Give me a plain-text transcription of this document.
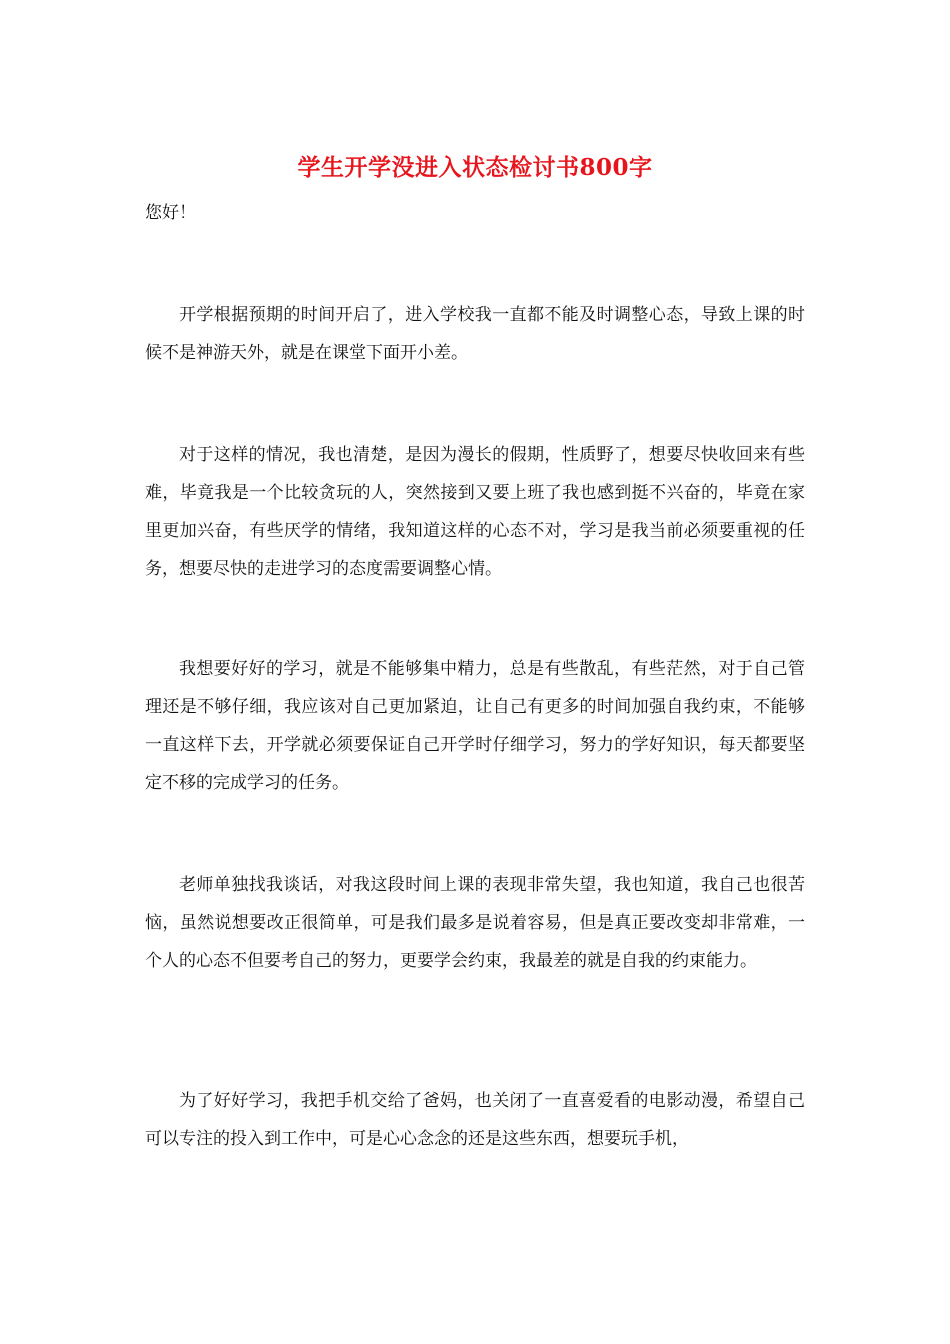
学生开学没进入状态检讨书800字
您好！

开学根据预期的时间开启了，进入学校我一直都不能及时调整心态，导致上课的时候不是神游天外，就是在课堂下面开小差。

对于这样的情况，我也清楚，是因为漫长的假期，性质野了，想要尽快收回来有些难，毕竟我是一个比较贪玩的人，突然接到又要上班了我也感到挺不兴奋的，毕竟在家里更加兴奋，有些厌学的情绪，我知道这样的心态不对，学习是我当前必须要重视的任务，想要尽快的走进学习的态度需要调整心情。

我想要好好的学习，就是不能够集中精力，总是有些散乱，有些茫然，对于自己管理还是不够仔细，我应该对自己更加紧迫，让自己有更多的时间加强自我约束，不能够一直这样下去，开学就必须要保证自己开学时仔细学习，努力的学好知识，每天都要坚定不移的完成学习的任务。

老师单独找我谈话，对我这段时间上课的表现非常失望，我也知道，我自己也很苦恼，虽然说想要改正很简单，可是我们最多是说着容易，但是真正要改变却非常难，一个人的心态不但要考自己的努力，更要学会约束，我最差的就是自我的约束能力。

为了好好学习，我把手机交给了爸妈，也关闭了一直喜爱看的电影动漫，希望自己可以专注的投入到工作中，可是心心念念的还是这些东西，想要玩手机，
